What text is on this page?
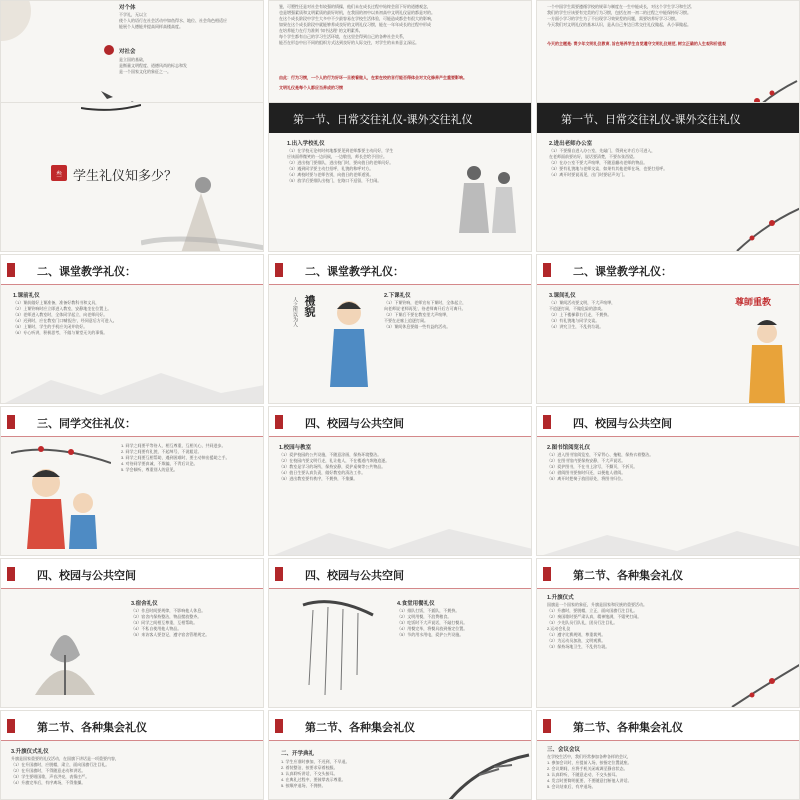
对个体
不学礼，无以立
使个人的语行在社会活动中如鱼得水、地位、社会角色相适应
能展个人德能并提高同样高楼高度。
对社会
是立国的基础，
是衡量文明程度、道德风尚的标志和发
是一个国家文化的象征之一。
鉴，可塑性还是对社会有较强的情操，他们未在成长过程中始终会留下好的道德观念，
也是增强素质和文明素质的最好时机，在我国的初中以来初高中文明礼仪显的都是对的。
在这个成长阶段中学生大多中不少最容易在学校生活体验，可能造成都会有很大的影响，
如果在这个成长阶段中就能够养成良好的文明礼仪习惯，能在一年年成长的过程中形成
在培养能力在行为准则 '知书达理' 的文明素养。
每个学生都有自己的学习生活环境，在这里会得到自己的各种社会关系，
能否在形态中出不同的组织方式达到良好的人际交往，对学生的未来意义深远。
由此：行为习惯，一个人的行为好坏一旦被看做人，在家在校的言行能否得体会对文化修养产生重要影响。
文明礼仪是每个人都应当养成的习惯
一个中国学生需要遵循学校的规章与制度在一生中能成长，对这个学生学习和生活,
我们的学生应该要有完美的行为习惯，包括在初一初二的过程之中能保持好习惯。
一方面小学习的学生为了不出现学习效果差的问题，需要培养好学习习惯。
今天我们对文明礼仪的基本认识，是从自己身边日常交往礼仪做起，从小事做起。
今天的主题是: 青少年文明礼仪教育, 旨在培养学生自觉遵守文明礼仪规范, 树立正确的人生观和价值观
叁 学生礼仪知多少？
第一节、日常交往礼仪-课外交往礼仪
1.出入学校礼仪
（1）在学校无论何时何地都要见到老师都要主动问好，学生
应该面带微笑的一边问候，一边敬畏，师长会给予回应。
（2）进出校门要排队，进出校门时，要向值日的老师问好。
（3）遇到同学要主动打招呼，礼貌的称呼对方。
（4）离校时要与老师告别，向值日的老师道别。
（5）放学后要排队出校门，在路口不逗留，不打闹。
第一节、日常交往礼仪-课外交往礼仪
2.进出老师办公室
（1）不要擅自进入办公室，先敲门，得到允许后方可进入，
在老师面前要站好，说话要清楚，不要东张西望。
（2）在办公室不要大声喧哗，不随意翻动老师的物品。
（3）要有礼貌地与老师交谈，如果有其他老师在场，也要打招呼。
（4）离开时要说再见，出门时要轻声关门。
二、课堂教学礼仪：
1.课前礼仪
（1）课前做好上课准备，准备好教科书和文具，
（2）上课铃响时应立即进入教室，安静地坐在位置上。
（3）老师进入教室时，全体同学起立，向老师问好。
（4）迟到时，应在教室门口喊'报告'，经同意后方可进入。
（5）上课时，学生的手机应关闭并收好。
（6）专心听讲，积极思考，不做与课堂无关的事情。
二、课堂教学礼仪：
人之所以为人 禮貌	2.下课礼仪
（1）下课铃响，老师宣布下课时，全体起立，
向老师说'老师再见'，待老师离开后方可离开。
（2）下课后不要在教室里大声喧哗，
不要在走廊上追逐打闹。
（3）课间休息要做一些有益的活动。
二、课堂教学礼仪：
3.课间礼仪
（1）课间活动要文明，不大声喧哗，
不追逐打闹，不做危险的游戏。
（2）上下楼梯靠右行走，不拥挤。
（3）有礼貌地与同学交谈。
（4）讲究卫生，不乱扔垃圾。
尊師重教
三、同学交往礼仪：
1. 同学之间要平等待人，相互尊重，互相关心，共同进步。
2. 同学之间要有礼貌，不起绰号，不说粗话。
3. 同学之间要互相帮助，遇到困难时，要主动伸出援助之手。
4. 对待同学要真诚，不欺骗，不背后议论。
5. 学会倾听，尊重别人的意见。
四、校园与公共空间
1.校园与教室
（1）爱护校园的公共设施，不随意涂画，保持环境整洁。
（2）在校园内要文明行走，礼让他人，不在楼道内奔跑追逐。
（3）教室是学习的场所，保持安静，爱护桌椅等公共物品。
（4）值日生要认真负责，做好教室的清洁工作。
（5）进出教室要有秩序，不拥挤，不推搡。
四、校园与公共空间
2.图书馆阅览礼仪
（1）进入图书馆阅览室，不穿背心、拖鞋，保持衣着整洁。
（2）在图书馆内要保持安静，不大声说话。
（3）爱护图书，不在书上涂写，不撕页，不折页。
（4）借阅图书要按时归还，以便他人借阅。
（5）离开时把椅子放回原处，将图书归位。
四、校园与公共空间
3.宿舍礼仪
（1）作息时间要规律，不影响他人休息。
（2）宿舍内保持整洁，物品摆放整齐。
（3）同学之间相互尊重，互相帮助。
（4）不私自使用他人物品。
（5）来访客人要登记，遵守宿舍管理规定。
四、校园与公共空间
4.食堂用餐礼仪
（1）排队打饭，不插队，不拥挤。
（2）文明用餐，不浪费粮食。
（3）吃饭时不大声说话，不敲打餐具。
（4）用餐完毕，将餐具放到指定位置。
（5）节约用水用电，爱护公共设施。
第二节、各种集会礼仪
1.升旗仪式
国旗是一个国家的象征，升旗是国家和民族的重要活动。
（1）升旗时，要脱帽，立正，面向国旗行注目礼。
（2）奏国歌时要严肃认真，精神饱满，不嬉笑打闹。
（3）少先队员行队礼，团员行注目礼。
2.运动会礼仪
（1）遵守比赛规则，尊重裁判。
（2）为运动员加油，文明观赛。
（3）保持场地卫生，不乱扔垃圾。
第二节、各种集会礼仪
3.升旗仪式礼仪
升旗是国家重要的礼仪活动，在国旗下讲话是一项重要内容，
（1）在升国旗时，应脱帽，肃立，面向国旗行注目礼。
（2）在升国旗时，不得随意走动和讲话。
（3）学生要唱国歌，声音洪亮，表情庄严。
（4）升旗完毕后，有序离场，不得推搡。
第二节、各种集会礼仪
二、开学典礼
1. 学生应准时参加，不迟到，不早退。
2. 着装整洁，按要求穿着校服。
3. 认真聆听讲话，不交头接耳。
4. 在典礼过程中，要鼓掌表示尊重。
5. 按顺序退场，不拥挤。
第二节、各种集会礼仪
三、会议会议
在学校生活中，我们经常参加各种各样的会议，
1. 参加会议时，应提前入场，按指定位置就座。
2. 会议期间，应将手机关闭或调至静音状态。
3. 认真聆听，不随意走动，不交头接耳。
4. 发言时要简明扼要，不要随意打断他人讲话。
5. 会议结束后，有序退场。
